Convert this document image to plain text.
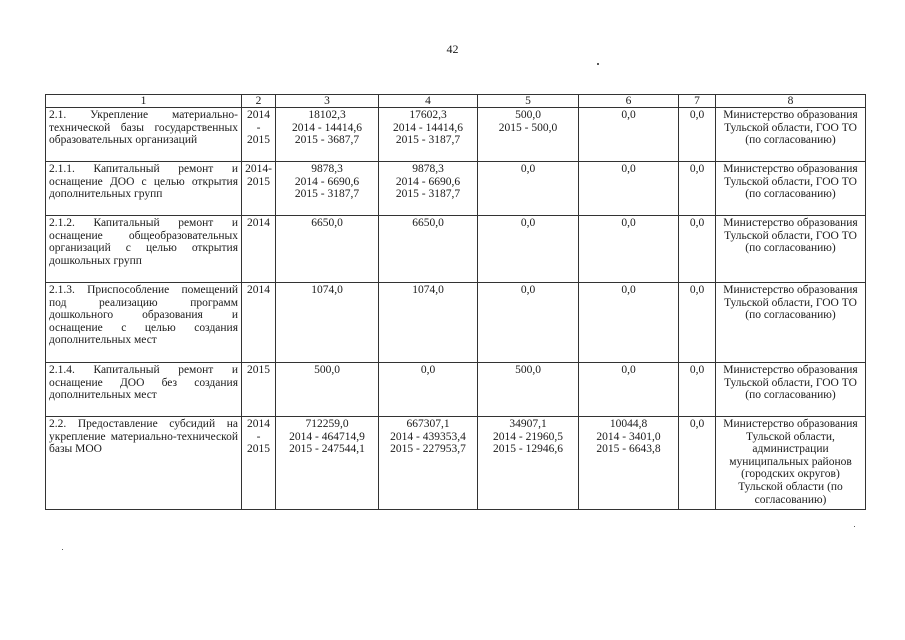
42
1	2	3	4	5	6	7	8
2.1. Укрепление материально-технической базы государственных образовательных организаций	2014 - 2015	18102,3
2014 - 14414,6
2015 - 3687,7	17602,3
2014 - 14414,6
2015 - 3187,7	500,0
2015 - 500,0	0,0	0,0	Министерство образования Тульской области, ГОО ТО (по согласованию)
2.1.1. Капитальный ремонт и оснащение ДОО с целью открытия дополнительных групп	2014-2015	9878,3
2014 - 6690,6
2015 - 3187,7	9878,3
2014 - 6690,6
2015 - 3187,7	0,0	0,0	0,0	Министерство образования Тульской области, ГОО ТО (по согласованию)
2.1.2. Капитальный ремонт и оснащение общеобразовательных организаций с целью открытия дошкольных групп	2014	6650,0	6650,0	0,0	0,0	0,0	Министерство образования Тульской области, ГОО ТО (по согласованию)
2.1.3. Приспособление помещений под реализацию программ дошкольного образования и оснащение с целью создания дополнительных мест	2014	1074,0	1074,0	0,0	0,0	0,0	Министерство образования Тульской области, ГОО ТО (по согласованию)
2.1.4. Капитальный ремонт и оснащение ДОО без создания дополнительных мест	2015	500,0	0,0	500,0	0,0	0,0	Министерство образования Тульской области, ГОО ТО (по согласованию)
2.2. Предоставление субсидий на укрепление материально-технической базы МОО	2014 - 2015	712259,0
2014 - 464714,9
2015 - 247544,1	667307,1
2014 - 439353,4
2015 - 227953,7	34907,1
2014 - 21960,5
2015 - 12946,6	10044,8
2014 - 3401,0
2015 - 6643,8	0,0	Министерство образования Тульской области, администрации муниципальных районов (городских округов) Тульской области (по согласованию)
